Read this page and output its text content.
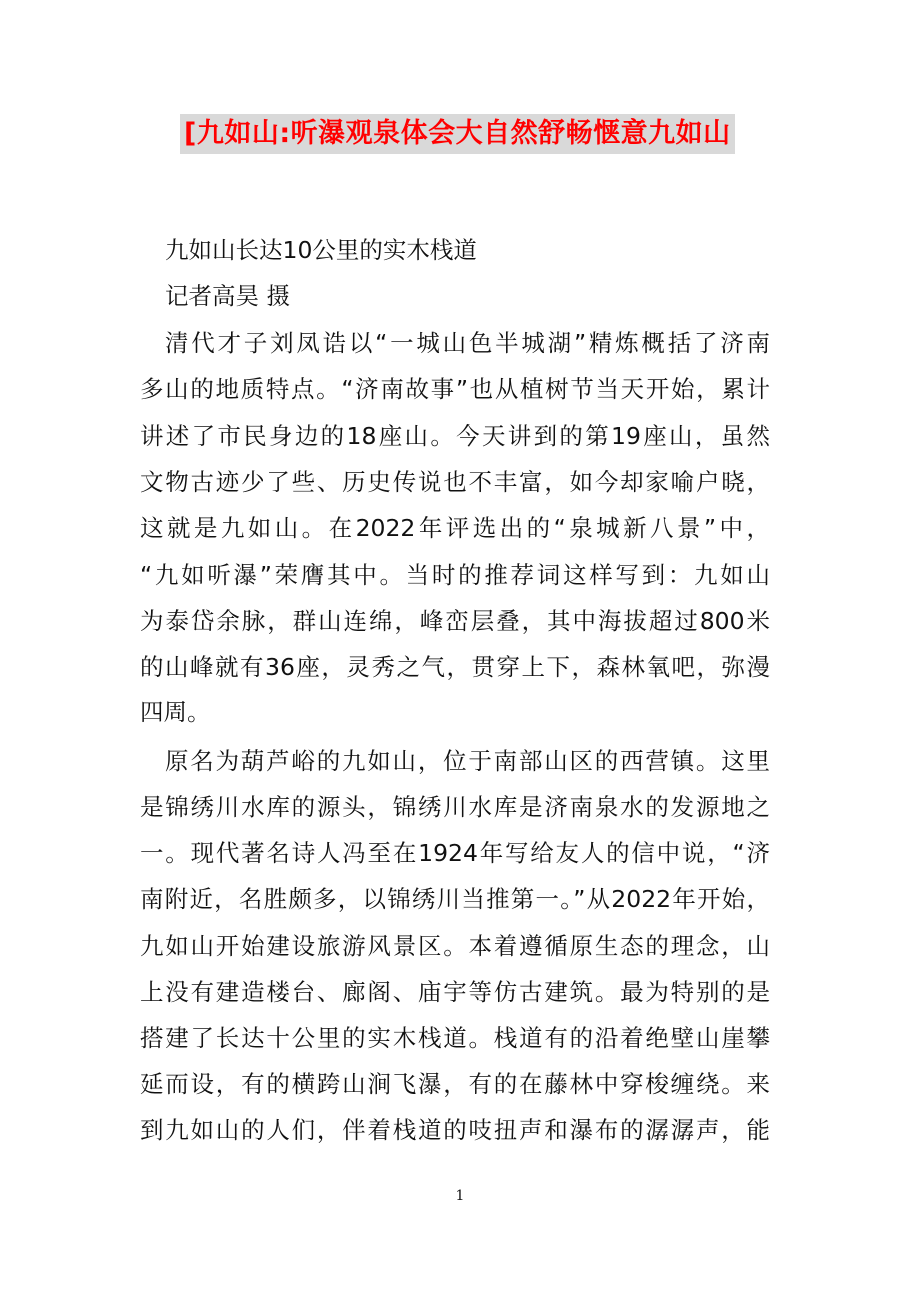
[九如山:听瀑观泉体会大自然舒畅惬意九如山
九如山长达10公里的实木栈道
记者高昊 摄
清代才子刘凤诰以“一城山色半城湖”精炼概括了济南
多山的地质特点。“济南故事”也从植树节当天开始，累计
讲述了市民身边的18座山。今天讲到的第19座山，虽然
文物古迹少了些、历史传说也不丰富，如今却家喻户晓，
这就是九如山。在2022年评选出的“泉城新八景”中，
“九如听瀑”荣膺其中。当时的推荐词这样写到：九如山
为泰岱余脉，群山连绵，峰峦层叠，其中海拔超过800米
的山峰就有36座，灵秀之气，贯穿上下，森林氧吧，弥漫
四周。
原名为葫芦峪的九如山，位于南部山区的西营镇。这里
是锦绣川水库的源头，锦绣川水库是济南泉水的发源地之
一。现代著名诗人冯至在1924年写给友人的信中说，“济
南附近，名胜颇多，以锦绣川当推第一。”从2022年开始，
九如山开始建设旅游风景区。本着遵循原生态的理念，山
上没有建造楼台、廊阁、庙宇等仿古建筑。最为特别的是
搭建了长达十公里的实木栈道。栈道有的沿着绝壁山崖攀
延而设，有的横跨山涧飞瀑，有的在藤林中穿梭缠绕。来
到九如山的人们，伴着栈道的吱扭声和瀑布的潺潺声，能
1
